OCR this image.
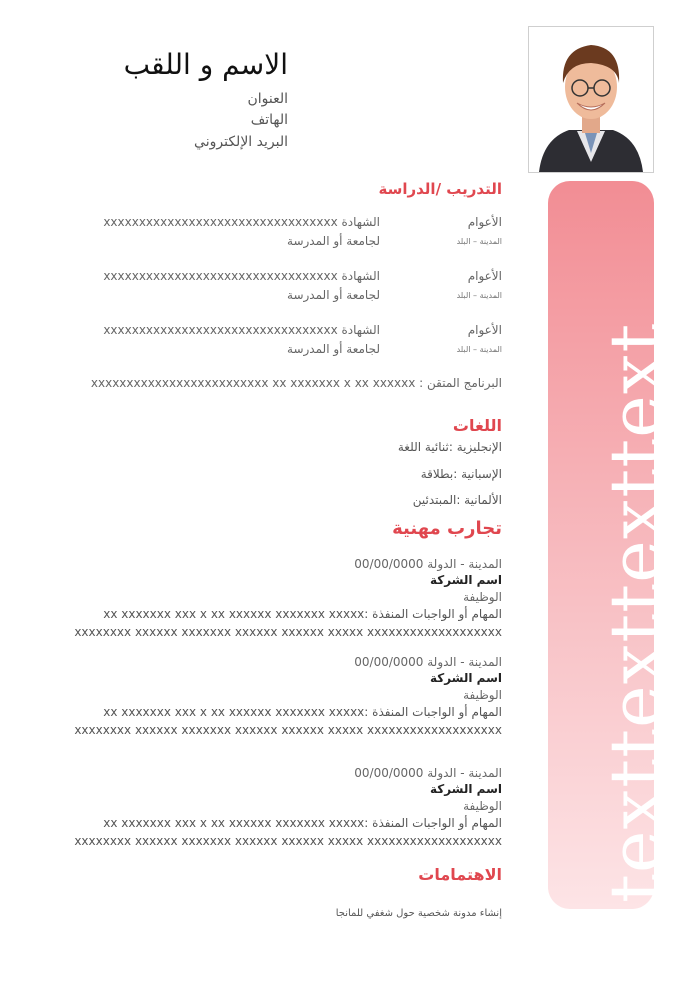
texttexttexttext
الاسم و اللقب
العنوان
الهاتف
البريد الإلكتروني
التدريب /الدراسة
الأعوام
الشهادة xxxxxxxxxxxxxxxxxxxxxxxxxxxxxxxxx
المدينة – البلد
لجامعة أو المدرسة
الأعوام
الشهادة xxxxxxxxxxxxxxxxxxxxxxxxxxxxxxxxx
المدينة – البلد
لجامعة أو المدرسة
الأعوام
الشهادة xxxxxxxxxxxxxxxxxxxxxxxxxxxxxxxxx
المدينة – البلد
لجامعة أو المدرسة
البرنامج المتقن : xxxxxxxxxxxxxxxxxxxxxxxxx xx xxxxxxx x xx xxxxxx
اللغات
الإنجليزية :ثنائية اللغة
الإسبانية :بطلاقة
الألمانية :المبتدئين
تجارب مهنية
المدينة - الدولة 00/00/0000
اسم الشركة
الوظيفة
المهام أو الواجبات المنفذة :xx xxxxxxx xxx x xx xxxxxx xxxxxxx xxxxx
xxxxxxxx xxxxxx xxxxxxx xxxxxx xxxxxx xxxxx xxxxxxxxxxxxxxxxxxx
المدينة - الدولة 00/00/0000
اسم الشركة
الوظيفة
المهام أو الواجبات المنفذة :xx xxxxxxx xxx x xx xxxxxx xxxxxxx xxxxx
xxxxxxxx xxxxxx xxxxxxx xxxxxx xxxxxx xxxxx xxxxxxxxxxxxxxxxxxx
المدينة - الدولة 00/00/0000
اسم الشركة
الوظيفة
المهام أو الواجبات المنفذة :xx xxxxxxx xxx x xx xxxxxx xxxxxxx xxxxx
xxxxxxxx xxxxxx xxxxxxx xxxxxx xxxxxx xxxxx xxxxxxxxxxxxxxxxxxx
الاهتمامات
إنشاء مدونة شخصية حول شغفي للمانجا
